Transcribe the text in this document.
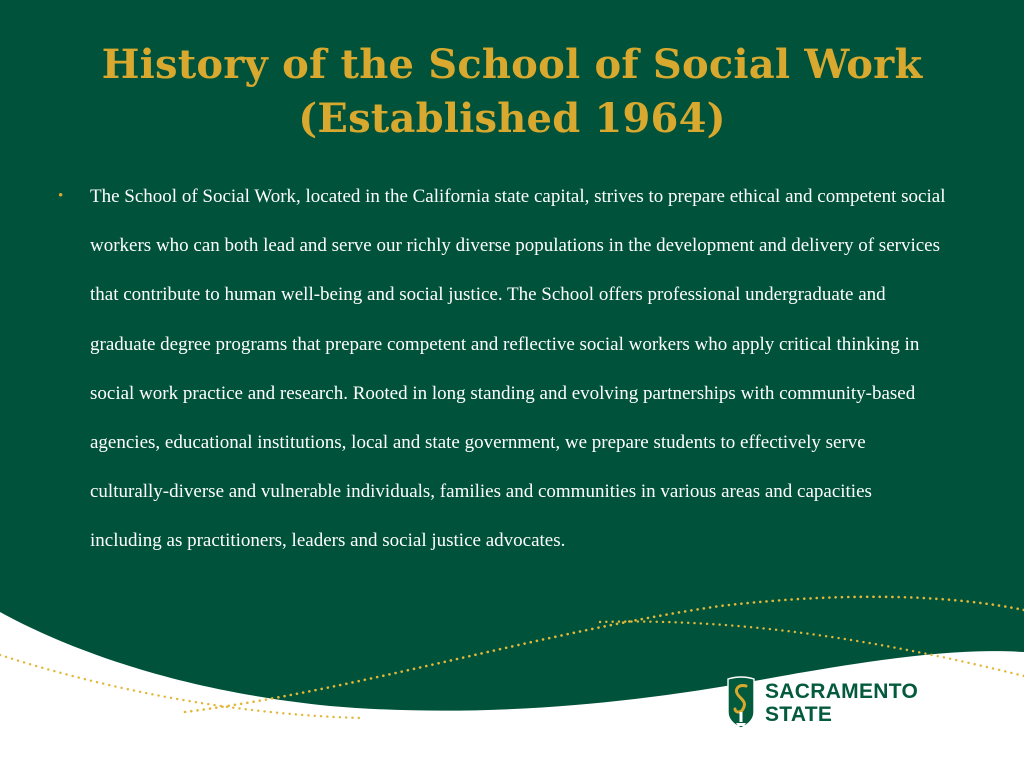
History of the School of Social Work
(Established 1964)
•	The School of Social Work, located in the California state capital, strives to prepare ethical and competent social workers who can both lead and serve our richly diverse populations in the development and delivery of services that contribute to human well-being and social justice. The School offers professional undergraduate and graduate degree programs that prepare competent and reflective social workers who apply critical thinking in social work practice and research. Rooted in long standing and evolving partnerships with community-based agencies, educational institutions, local and state government, we prepare students to effectively serve culturally-diverse and vulnerable individuals, families and communities in various areas and capacities including as practitioners, leaders and social justice advocates.
SACRAMENTO
STATE
